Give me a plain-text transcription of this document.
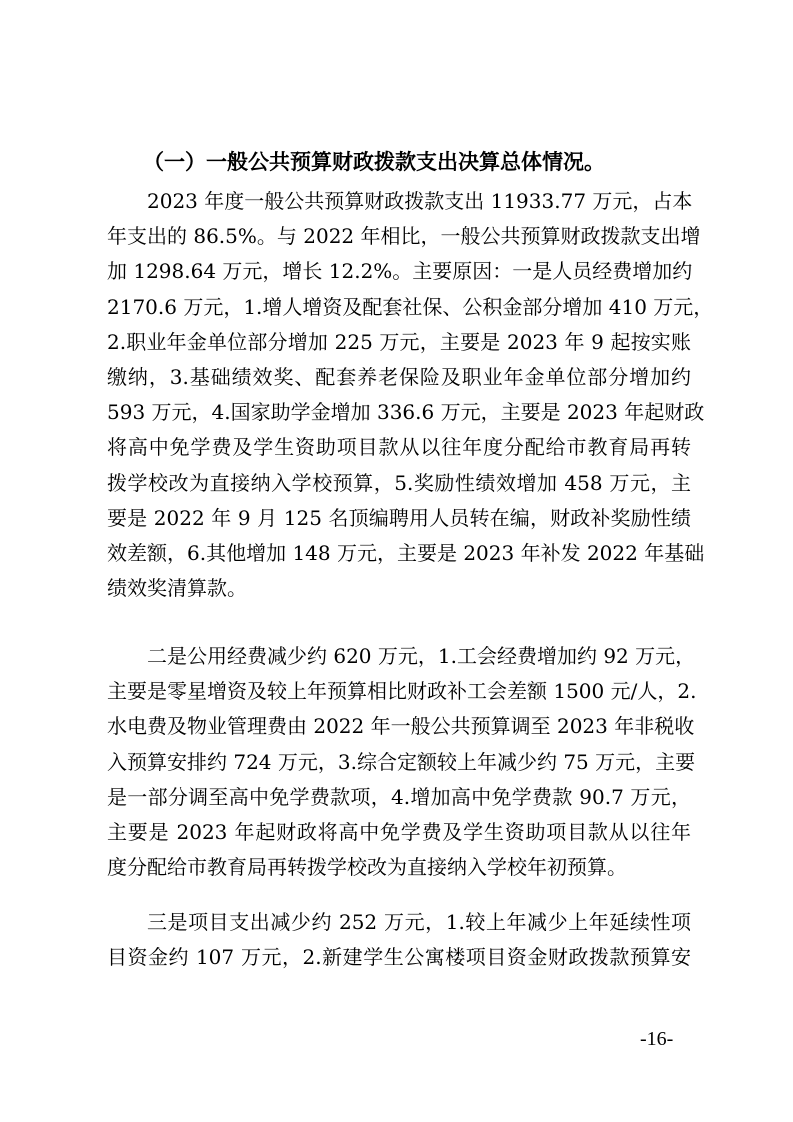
（一）一般公共预算财政拨款支出决算总体情况。
2023 年度一般公共预算财政拨款支出 11933.77 万元，占本
年支出的 86.5%。与 2022 年相比，一般公共预算财政拨款支出增
加 1298.64 万元，增长 12.2%。主要原因：一是人员经费增加约
2170.6 万元，1.增人增资及配套社保、公积金部分增加 410 万元，
2.职业年金单位部分增加 225 万元，主要是 2023 年 9 起按实账
缴纳，3.基础绩效奖、配套养老保险及职业年金单位部分增加约
593 万元，4.国家助学金增加 336.6 万元，主要是 2023 年起财政
将高中免学费及学生资助项目款从以往年度分配给市教育局再转
拨学校改为直接纳入学校预算，5.奖励性绩效增加 458 万元，主
要是 2022 年 9 月 125 名顶编聘用人员转在编，财政补奖励性绩
效差额，6.其他增加 148 万元，主要是 2023 年补发 2022 年基础
绩效奖清算款。
二是公用经费减少约 620 万元，1.工会经费增加约 92 万元，
主要是零星增资及较上年预算相比财政补工会差额 1500 元/人，2.
水电费及物业管理费由 2022 年一般公共预算调至 2023 年非税收
入预算安排约 724 万元，3.综合定额较上年减少约 75 万元，主要
是一部分调至高中免学费款项，4.增加高中免学费款 90.7 万元，
主要是 2023 年起财政将高中免学费及学生资助项目款从以往年
度分配给市教育局再转拨学校改为直接纳入学校年初预算。
三是项目支出减少约 252 万元，1.较上年减少上年延续性项
目资金约 107 万元，2.新建学生公寓楼项目资金财政拨款预算安
-16-
